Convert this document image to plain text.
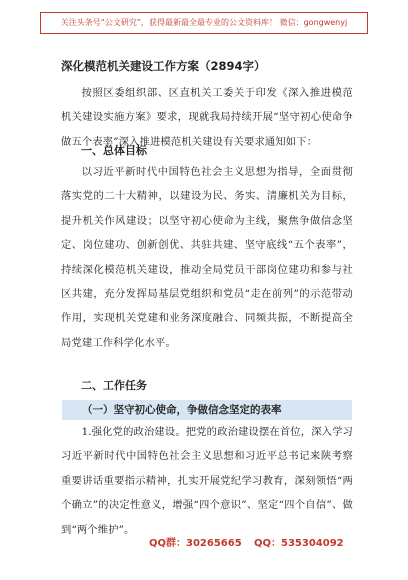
关注头条号“公文研究”，获得最新最全最专业的公文资料库！ 微信：gongwenyj
深化模范机关建设工作方案（2894字）

按照区委组织部、区直机关工委关于印发《深入推进模范机关建设实施方案》要求，现就我局持续开展“坚守初心使命争做五个表率”深入推进模范机关建设有关要求通知如下：

一、总体目标

以习近平新时代中国特色社会主义思想为指导，全面贯彻落实党的二十大精神，以建设为民、务实、清廉机关为目标，提升机关作风建设；以坚守初心使命为主线，聚焦争做信念坚定、岗位建功、创新创优、共驻共建、坚守底线“五个表率”，持续深化模范机关建设，推动全局党员干部岗位建功和参与社区共建，充分发挥局基层党组织和党员“走在前列”的示范带动作用，实现机关党建和业务深度融合、同频共振，不断提高全局党建工作科学化水平。

二、工作任务
（一）坚守初心使命，争做信念坚定的表率

1.强化党的政治建设。把党的政治建设摆在首位，深入学习习近平新时代中国特色社会主义思想和习近平总书记来陕考察重要讲话重要指示精神，扎实开展党纪学习教育，深刻领悟“两个确立”的决定性意义，增强“四个意识”、坚定“四个自信”、做到“两个维护”。

QQ群：30265665 QQ：535304092
